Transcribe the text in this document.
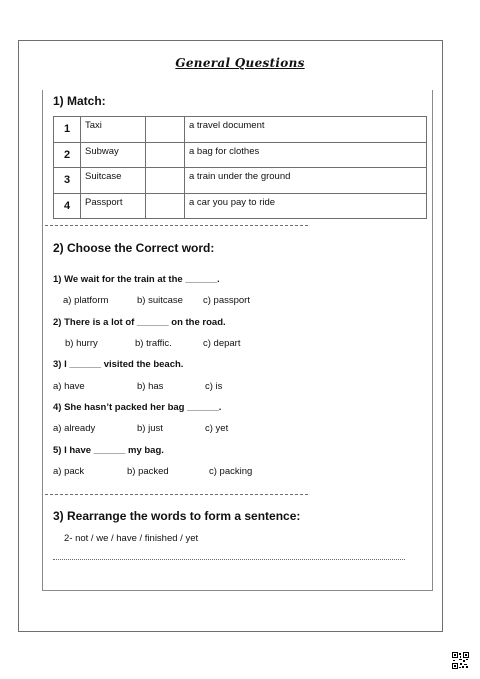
General Questions
1) Match:
1	Taxi		a travel document
2	Subway		a bag for clothes
3	Suitcase		a train under the ground
4	Passport		a car you pay to ride
2) Choose the Correct word:
1) We wait for the train at the ______.
a) platform	b) suitcase c) passport
2) There is a lot of ______ on the road.
b) hurry	b) traffic.	c) depart
3) I ______ visited the beach.
a) have	b) has	c) is
4) She hasn’t packed her bag ______.
a) already	b) just	c) yet
5) I have ______ my bag.
a) pack	b) packed	c) packing
3) Rearrange the words to form a sentence:
2- not / we / have / finished / yet
